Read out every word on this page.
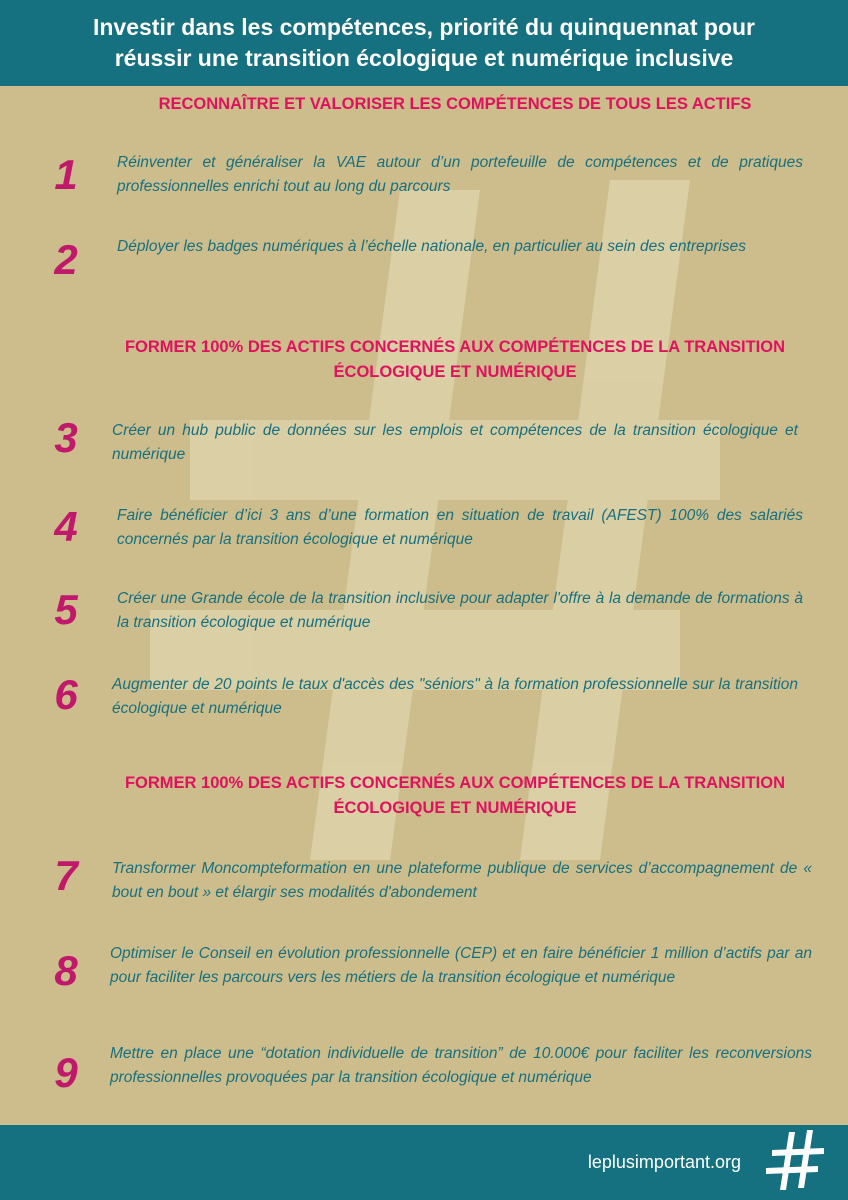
Investir dans les compétences, priorité du quinquennat pour
réussir une transition écologique et numérique inclusive
RECONNAÎTRE ET VALORISER LES COMPÉTENCES DE TOUS LES ACTIFS
1	Réinventer et généraliser la VAE autour d’un portefeuille de compétences et de pratiques professionnelles enrichi tout au long du parcours
2	Déployer les badges numériques à l’échelle nationale, en particulier au sein des entreprises
FORMER 100% DES ACTIFS CONCERNÉS AUX COMPÉTENCES DE LA TRANSITION
ÉCOLOGIQUE ET NUMÉRIQUE
3	Créer un hub public de données sur les emplois et compétences de la transition écologique et numérique
4	Faire bénéficier d’ici 3 ans d’une formation en situation de travail (AFEST) 100% des salariés concernés par la transition écologique et numérique
5	Créer une Grande école de la transition inclusive pour adapter l'offre à la demande de formations à la transition écologique et numérique
6	Augmenter de 20 points le taux d'accès des "séniors" à la formation professionnelle sur la transition écologique et numérique
FORMER 100% DES ACTIFS CONCERNÉS AUX COMPÉTENCES DE LA TRANSITION
ÉCOLOGIQUE ET NUMÉRIQUE
7	Transformer Moncompteformation en une plateforme publique de services d’accompagnement de « bout en bout » et élargir ses modalités d'abondement
8	Optimiser le Conseil en évolution professionnelle (CEP) et en faire bénéficier 1 million d’actifs par an pour faciliter les parcours vers les métiers de la transition écologique et numérique
9	Mettre en place une “dotation individuelle de transition” de 10.000€ pour faciliter les reconversions professionnelles provoquées par la transition écologique et numérique
leplusimportant.org
